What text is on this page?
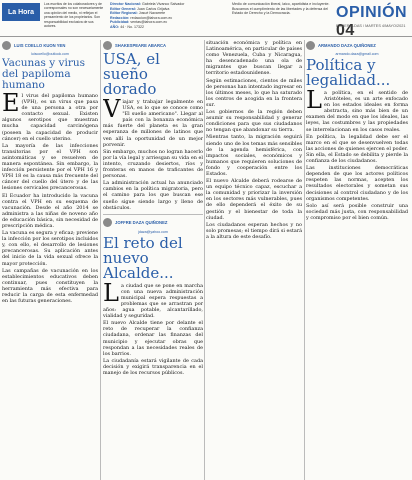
La Hora
Los escritos de los colaboradores y de corresponsales no son necesariamente una opinión del medio, ni reflejan el pensamiento de los propietarios. Son responsabilidad exclusiva de sus autores.
Director Nacional: Gabriela Vivanco Salvador
Editor General: Juan Carlos Grijalva
Editor Regional: Josué Navarrete
Redacción: redaccion@lahora.com.ec
Publicidad: ventas@lahora.com.ec
AÑO: 44 · No. 17322
Medio de comunicación liberal, laico, apartidista e incluyente. Buscamos el cumplimiento de las libertades y la defensa del Estado de Derecho y la Democracia.	OPINIÓN 04
ESMERALDAS / MARTES 4/MAYO/2021
LUIS COELLO KUON YEN
luiscoello@outlook.com
Vacunas y virus del papiloma humano

El virus del papiloma humano (VPH), es un virus que pasa de una persona a otra por contacto sexual. Existen algunos serotipos que muestran mucha capacidad carcinógena (poseen la capacidad de producir cáncer) en el cuello uterino.

La mayoría de las infecciones transitorias por el VPH son asintomáticas y se resuelven de manera espontánea. Sin embargo, la infección persistente por el VPH 16 y VPH 18 es la causa más frecuente del cáncer del cuello del útero y de las lesiones cervicales precancerosas.

El Ecuador ha introducido la vacuna contra el VPH en su esquema de vacunación. Desde el año 2014 se administra a las niñas de noveno año de educación básica, sin necesidad de prescripción médica.

La vacuna es segura y eficaz; previene la infección por los serotipos incluidos y, con ello, el desarrollo de lesiones precancerosas. Su aplicación antes del inicio de la vida sexual ofrece la mayor protección.

Las campañas de vacunación en los establecimientos educativos deben continuar, pues constituyen la herramienta más efectiva para reducir la carga de esta enfermedad en las futuras generaciones.

SHAKESPEARE ABARCA
USA, el sueño dorado

Viajar y trabajar legalmente en USA, es lo que se conoce como "El sueño americano". Llegar al país con la bonanza económica más fuerte del planeta es la gran esperanza de millones de latinos que ven allí la oportunidad de un mejor porvenir.

Sin embargo, muchos no logran hacerlo por la vía legal y arriesgan su vida en el intento, cruzando desiertos, ríos y fronteras en manos de traficantes de personas.

La administración actual ha anunciado cambios en la política migratoria, pero el camino para los que buscan ese sueño sigue siendo largo y lleno de obstáculos.

JOFFRE DAZA QUIÑONEZ
jdaza@yahoo.com
El reto del nuevo Alcalde...

La ciudad que se pone en marcha con una nueva administración municipal espera respuestas a problemas que se arrastran por años: agua potable, alcantarillado, vialidad y seguridad.

El nuevo Alcalde tiene por delante el reto de recuperar la confianza ciudadana, ordenar las finanzas del municipio y ejecutar obras que respondan a las necesidades reales de los barrios.

La ciudadanía estará vigilante de cada decisión y exigirá transparencia en el manejo de los recursos públicos.

situación económica y política en Latinoamérica, en particular de países como Venezuela, Cuba y Nicaragua, ha desencadenado una ola de migrantes que buscan llegar a territorio estadounidense.

Según estimaciones, cientos de miles de personas han intentado ingresar en los últimos meses, lo que ha saturado los centros de acogida en la frontera sur.

Los gobiernos de la región deben asumir su responsabilidad y generar condiciones para que sus ciudadanos no tengan que abandonar su tierra.

Mientras tanto, la migración seguirá siendo uno de los temas más sensibles de la agenda hemisférica, con impactos sociales, económicos y humanos que requieren soluciones de fondo y cooperación entre los Estados.

El nuevo Alcalde deberá rodearse de un equipo técnico capaz, escuchar a la comunidad y priorizar la inversión en los sectores más vulnerables, pues de ello dependerá el éxito de su gestión y el bienestar de toda la ciudad.

Los ciudadanos esperan hechos y no solo promesas; el tiempo dirá si estará a la altura de este desafío.

ARMANDO DAZA QUIÑONEZ
armando.daza@gmail.com
Política y legalidad...

La política, en el sentido de Aristóteles, es un arte enfocado en los estados ideales en forma abstracta, sino más bien de un examen del modo en que los ideales, las leyes, las costumbres y las propiedades se interrelacionan en los casos reales.

En política, la legalidad debe ser el marco en el que se desenvuelven todas las acciones de quienes ejercen el poder. Sin ella, el Estado se debilita y pierde la confianza de los ciudadanos.

Las instituciones democráticas dependen de que los actores políticos respeten las normas, acepten los resultados electorales y sometan sus decisiones al control ciudadano y de los organismos competentes.

Solo así será posible construir una sociedad más justa, con responsabilidad y compromiso por el bien común.
